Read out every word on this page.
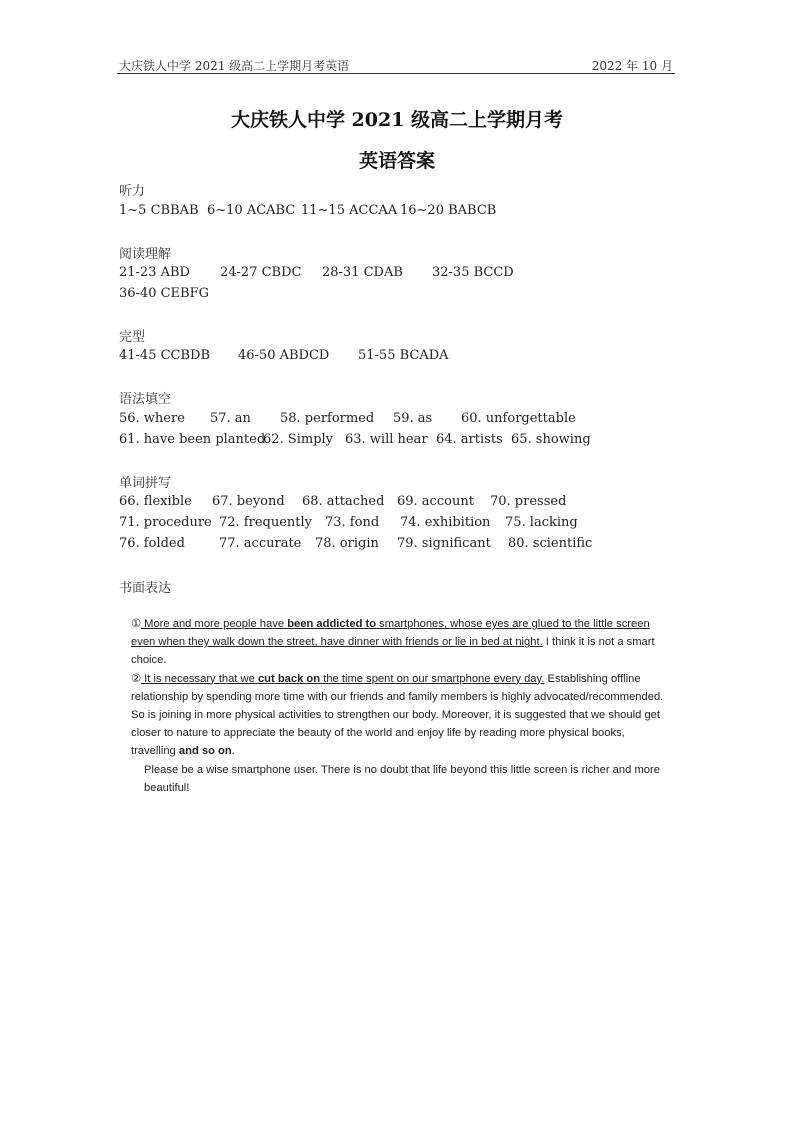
大庆铁人中学 2021 级高二上学期月考英语	2022 年 10 月
大庆铁人中学 2021 级高二上学期月考
英语答案
听力
1~5 CBBAB 6~10 ACABC 11~15 ACCAA 16~20 BABCB
阅读理解
21-23 ABD 24-27 CBDC 28-31 CDAB 32-35 BCCD
36-40 CEBFG
完型
41-45 CCBDB 46-50 ABDCD 51-55 BCADA
语法填空
56. where 57. an 58. performed 59. as 60. unforgettable
61. have been planted
62. Simply 63. will hear 64. artists 65. showing
单词拼写
66. flexible 67. beyond 68. attached 69. account 70. pressed
71. procedure 72. frequently 73. fond 74. exhibition 75. lacking
76. folded	77. accurate 78. origin 79. significant 80. scientific
书面表达

① More and more people have been addicted to smartphones, whose eyes are glued to the little screen even when they walk down the street, have dinner with friends or lie in bed at night. I think it is not a smart choice.

② It is necessary that we cut back on the time spent on our smartphone every day. Establishing offline relationship by spending more time with our friends and family members is highly advocated/recommended. So is joining in more physical activities to strengthen our body. Moreover, it is suggested that we should get closer to nature to appreciate the beauty of the world and enjoy life by reading more physical books, travelling and so on.

Please be a wise smartphone user. There is no doubt that life beyond this little screen is richer and more beautiful!
